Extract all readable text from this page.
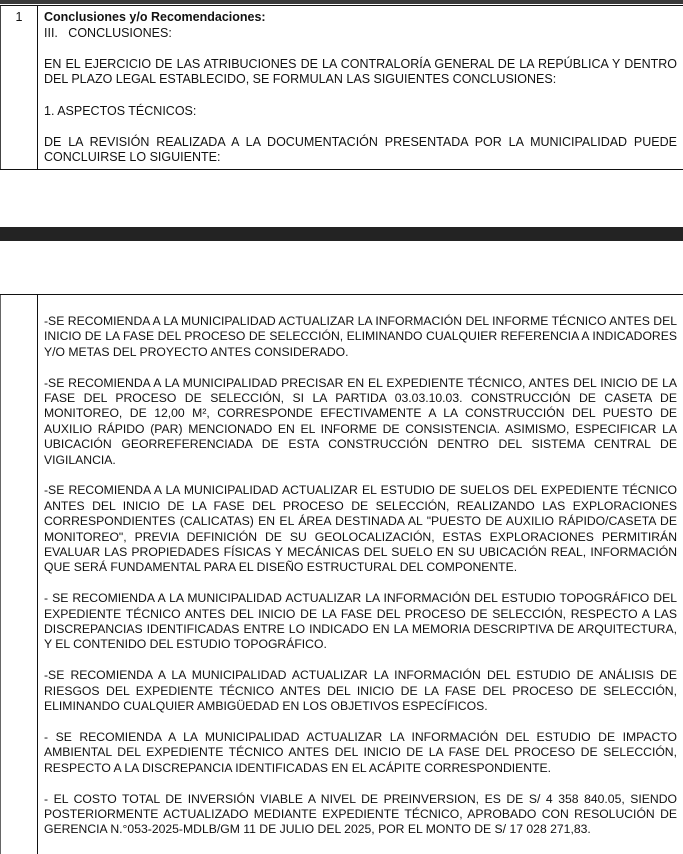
1	Conclusiones y/o Recomendaciones:

III.   CONCLUSIONES:

EN EL EJERCICIO DE LAS ATRIBUCIONES DE LA CONTRALORÍA GENERAL DE LA REPÚBLICA Y DENTRO DEL PLAZO LEGAL ESTABLECIDO, SE FORMULAN LAS SIGUIENTES CONCLUSIONES:

1. ASPECTOS TÉCNICOS:

DE LA REVISIÓN REALIZADA A LA DOCUMENTACIÓN PRESENTADA POR LA MUNICIPALIDAD PUEDE CONCLUIRSE LO SIGUIENTE:

-SE RECOMIENDA A LA MUNICIPALIDAD ACTUALIZAR LA INFORMACIÓN DEL INFORME TÉCNICO ANTES DEL INICIO DE LA FASE DEL PROCESO DE SELECCIÓN, ELIMINANDO CUALQUIER REFERENCIA A INDICADORES Y/O METAS DEL PROYECTO ANTES CONSIDERADO.

-SE RECOMIENDA A LA MUNICIPALIDAD PRECISAR EN EL EXPEDIENTE TÉCNICO, ANTES DEL INICIO DE LA FASE DEL PROCESO DE SELECCIÓN, SI LA PARTIDA 03.03.10.03. CONSTRUCCIÓN DE CASETA DE MONITOREO, DE 12,00 M², CORRESPONDE EFECTIVAMENTE A LA CONSTRUCCIÓN DEL PUESTO DE AUXILIO RÁPIDO (PAR) MENCIONADO EN EL INFORME DE CONSISTENCIA. ASIMISMO, ESPECIFICAR LA UBICACIÓN GEORREFERENCIADA DE ESTA CONSTRUCCIÓN DENTRO DEL SISTEMA CENTRAL DE VIGILANCIA.

-SE RECOMIENDA A LA MUNICIPALIDAD ACTUALIZAR EL ESTUDIO DE SUELOS DEL EXPEDIENTE TÉCNICO ANTES DEL INICIO DE LA FASE DEL PROCESO DE SELECCIÓN, REALIZANDO LAS EXPLORACIONES CORRESPONDIENTES (CALICATAS) EN EL ÁREA DESTINADA AL "PUESTO DE AUXILIO RÁPIDO/CASETA DE MONITOREO", PREVIA DEFINICIÓN DE SU GEOLOCALIZACIÓN, ESTAS EXPLORACIONES PERMITIRÁN EVALUAR LAS PROPIEDADES FÍSICAS Y MECÁNICAS DEL SUELO EN SU UBICACIÓN REAL, INFORMACIÓN QUE SERÁ FUNDAMENTAL PARA EL DISEÑO ESTRUCTURAL DEL COMPONENTE.

- SE RECOMIENDA A LA MUNICIPALIDAD ACTUALIZAR LA INFORMACIÓN DEL ESTUDIO TOPOGRÁFICO DEL EXPEDIENTE TÉCNICO ANTES DEL INICIO DE LA FASE DEL PROCESO DE SELECCIÓN, RESPECTO A LAS DISCREPANCIAS IDENTIFICADAS ENTRE LO INDICADO EN LA MEMORIA DESCRIPTIVA DE ARQUITECTURA, Y EL CONTENIDO DEL ESTUDIO TOPOGRÁFICO.

-SE RECOMIENDA A LA MUNICIPALIDAD ACTUALIZAR LA INFORMACIÓN DEL ESTUDIO DE ANÁLISIS DE RIESGOS DEL EXPEDIENTE TÉCNICO ANTES DEL INICIO DE LA FASE DEL PROCESO DE SELECCIÓN, ELIMINANDO CUALQUIER AMBIGÜEDAD EN LOS OBJETIVOS ESPECÍFICOS.

- SE RECOMIENDA A LA MUNICIPALIDAD ACTUALIZAR LA INFORMACIÓN DEL ESTUDIO DE IMPACTO AMBIENTAL DEL EXPEDIENTE TÉCNICO ANTES DEL INICIO DE LA FASE DEL PROCESO DE SELECCIÓN, RESPECTO A LA DISCREPANCIA IDENTIFICADAS EN EL ACÁPITE CORRESPONDIENTE.

- EL COSTO TOTAL DE INVERSIÓN VIABLE A NIVEL DE PREINVERSION, ES DE S/ 4 358 840.05, SIENDO POSTERIORMENTE ACTUALIZADO MEDIANTE EXPEDIENTE TÉCNICO, APROBADO CON RESOLUCIÓN DE GERENCIA N.°053-2025-MDLB/GM 11 DE JULIO DEL 2025, POR EL MONTO DE S/ 17 028 271,83.
